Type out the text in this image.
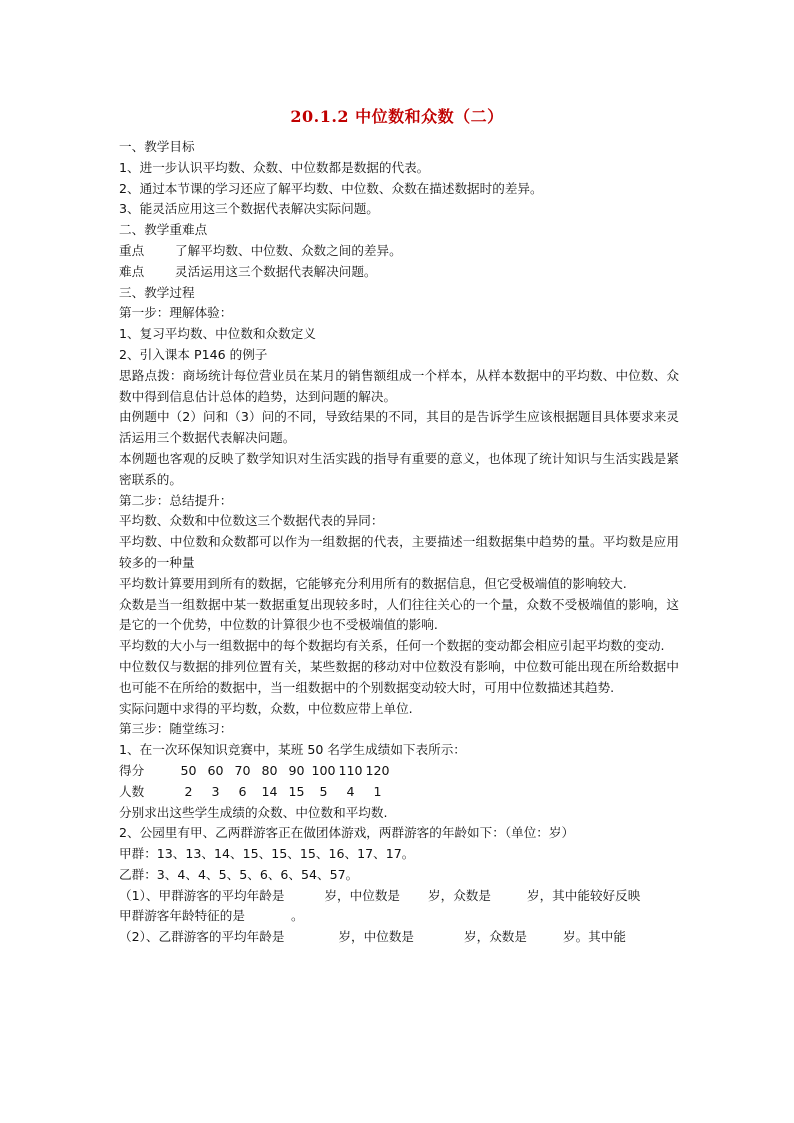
20.1.2 中位数和众数（二）
一、教学目标
1、进一步认识平均数、众数、中位数都是数据的代表。
2、通过本节课的学习还应了解平均数、中位数、众数在描述数据时的差异。
3、能灵活应用这三个数据代表解决实际问题。
二、教学重难点
重点 了解平均数、中位数、众数之间的差异。
难点 灵活运用这三个数据代表解决问题。
三、教学过程
第一步：理解体验：
1、复习平均数、中位数和众数定义
2、引入课本 P146 的例子
思路点拨：商场统计每位营业员在某月的销售额组成一个样本，从样本数据中的平均数、中位数、众数中得到信息估计总体的趋势，达到问题的解决。
由例题中（2）问和（3）问的不同，导致结果的不同，其目的是告诉学生应该根据题目具体要求来灵活运用三个数据代表解决问题。
本例题也客观的反映了数学知识对生活实践的指导有重要的意义，也体现了统计知识与生活实践是紧密联系的。
第二步：总结提升：
平均数、众数和中位数这三个数据代表的异同：
平均数、中位数和众数都可以作为一组数据的代表，主要描述一组数据集中趋势的量。平均数是应用较多的一种量
平均数计算要用到所有的数据，它能够充分利用所有的数据信息，但它受极端值的影响较大.
众数是当一组数据中某一数据重复出现较多时，人们往往关心的一个量，众数不受极端值的影响，这是它的一个优势，中位数的计算很少也不受极端值的影响.
平均数的大小与一组数据中的每个数据均有关系，任何一个数据的变动都会相应引起平均数的变动.
中位数仅与数据的排列位置有关，某些数据的移动对中位数没有影响，中位数可能出现在所给数据中也可能不在所给的数据中，当一组数据中的个别数据变动较大时，可用中位数描述其趋势.
实际问题中求得的平均数，众数，中位数应带上单位.
第三步：随堂练习：
1、在一次环保知识竞赛中，某班 50 名学生成绩如下表所示：
得分	50 60 70 80 90 100 110 120
人数	2 3 6 14 15 5 4 1
分别求出这些学生成绩的众数、中位数和平均数.
2、公园里有甲、乙两群游客正在做团体游戏，两群游客的年龄如下：（单位：岁）
甲群：13、13、14、15、15、15、16、17、17。
乙群：3、4、4、5、5、6、6、54、57。
（1）、甲群游客的平均年龄是	岁，中位数是 岁，众数是	岁，其中能较好反映
甲群游客年龄特征的是	。
（2）、乙群游客的平均年龄是	岁，中位数是	岁，众数是	岁。其中能
